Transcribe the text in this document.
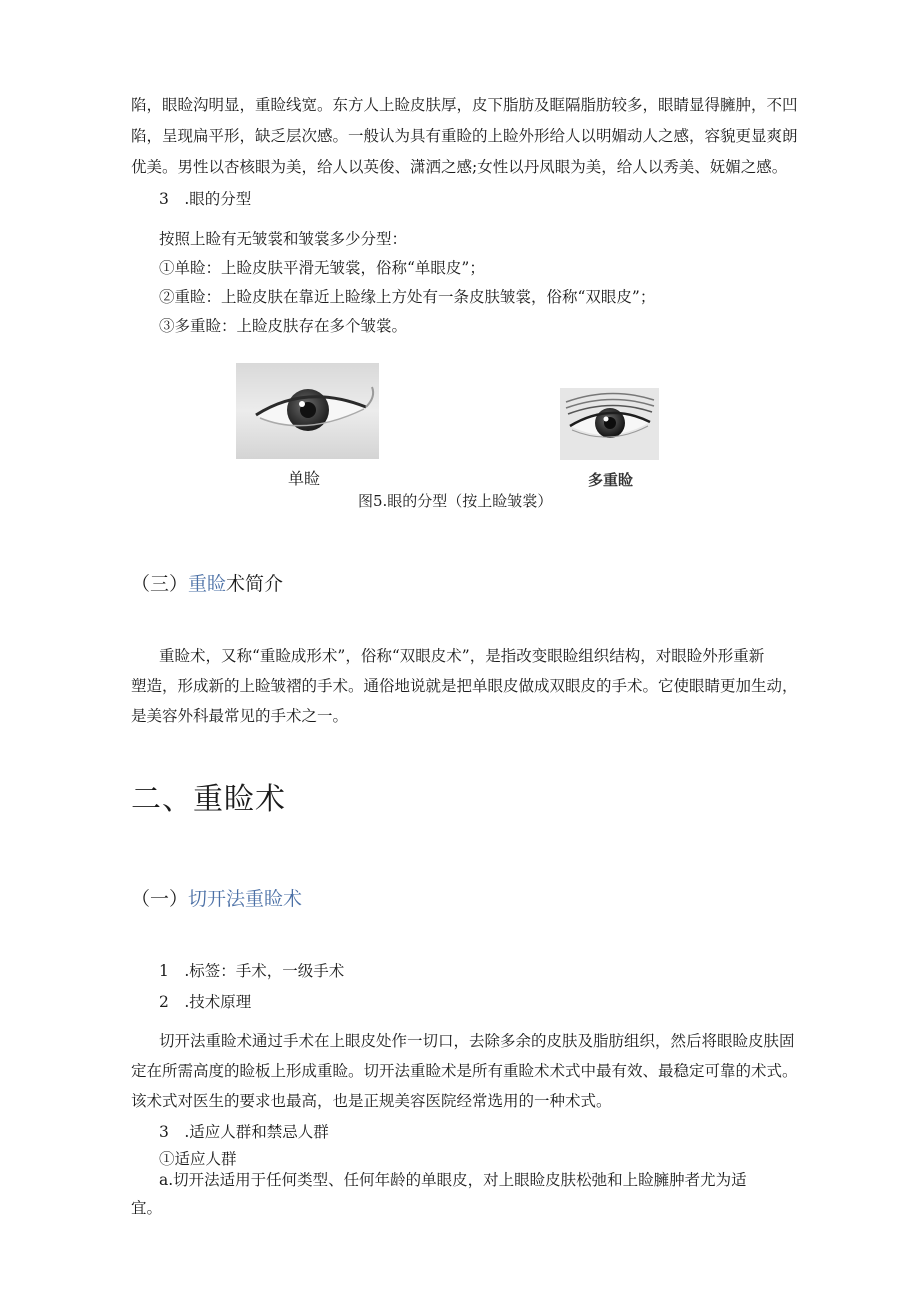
陷，眼睑沟明显，重睑线宽。东方人上睑皮肤厚，皮下脂肪及眶隔脂肪较多，眼睛显得臃肿，不凹
陷，呈现扁平形，缺乏层次感。一般认为具有重睑的上睑外形给人以明媚动人之感，容貌更显爽朗
优美。男性以杏核眼为美，给人以英俊、潇洒之感;女性以丹凤眼为美，给人以秀美、妩媚之感。
3　.眼的分型
按照上睑有无皱裳和皱裳多少分型：
①单睑：上睑皮肤平滑无皱裳，俗称“单眼皮”；
②重睑：上睑皮肤在靠近上睑缘上方处有一条皮肤皱裳，俗称“双眼皮”；
③多重睑：上睑皮肤存在多个皱裳。
单睑	多重睑
图5.眼的分型（按上睑皱裳）
（三）重睑术简介
重睑术，又称“重睑成形术”，俗称“双眼皮术”，是指改变眼睑组织结构，对眼睑外形重新
塑造，形成新的上睑皱褶的手术。通俗地说就是把单眼皮做成双眼皮的手术。它使眼睛更加生动，
是美容外科最常见的手术之一。
二、重睑术
（一）切开法重睑术
1　.标签：手术，一级手术
2　.技术原理
切开法重睑术通过手术在上眼皮处作一切口，去除多余的皮肤及脂肪组织，然后将眼睑皮肤固
定在所需高度的睑板上形成重睑。切开法重睑术是所有重睑术术式中最有效、最稳定可靠的术式。
该术式对医生的要求也最高，也是正规美容医院经常选用的一种术式。
3　.适应人群和禁忌人群
①适应人群
a.切开法适用于任何类型、任何年龄的单眼皮，对上眼睑皮肤松弛和上睑臃肿者尤为适
宜。
